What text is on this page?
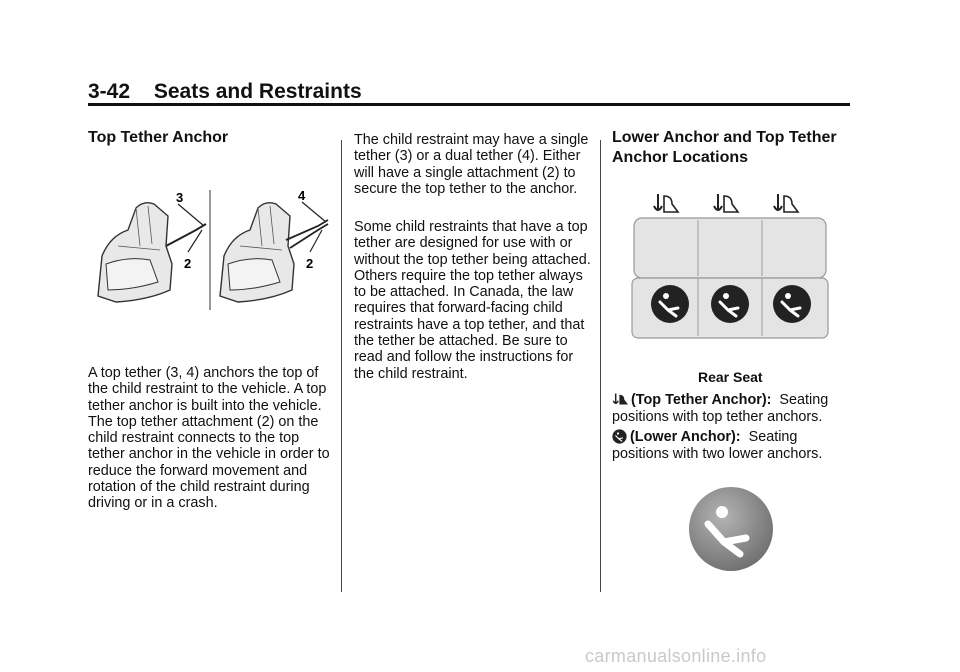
3-42 Seats and Restraints
Top Tether Anchor
3
2
4
2
A top tether (3, 4) anchors the top of the child restraint to the vehicle. A top tether anchor is built into the vehicle. The top tether attachment (2) on the child restraint connects to the top tether anchor in the vehicle in order to reduce the forward movement and rotation of the child restraint during driving or in a crash.
The child restraint may have a single tether (3) or a dual tether (4). Either will have a single attachment (2) to secure the top tether to the anchor.
Some child restraints that have a top tether are designed for use with or without the top tether being attached. Others require the top tether always to be attached. In Canada, the law requires that forward-facing child restraints have a top tether, and that the tether be attached. Be sure to read and follow the instructions for the child restraint.
Lower Anchor and Top Tether
Anchor Locations
Rear Seat
(Top Tether Anchor): Seating positions with top tether anchors.
(Lower Anchor): Seating positions with two lower anchors.
carmanualsonline.info
